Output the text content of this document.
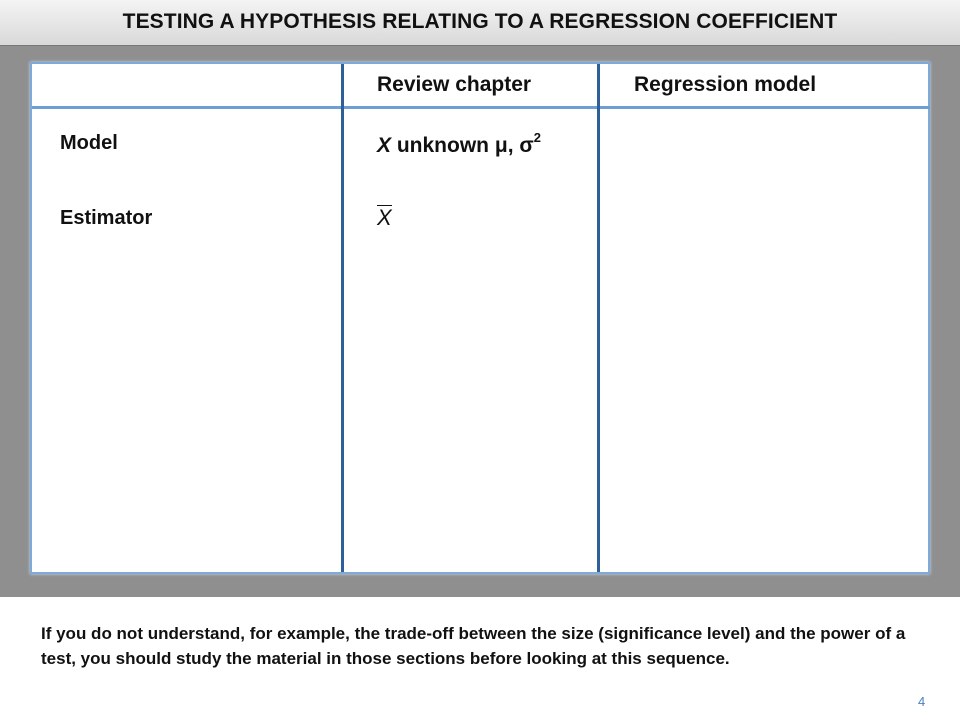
TESTING A HYPOTHESIS RELATING TO A REGRESSION COEFFICIENT
Review chapter	Regression model
Model
Estimator
X unknown μ, $\sigma^2$
X
If you do not understand, for example, the trade-off between the size (significance level) and the power of a test, you should study the material in those sections before looking at this sequence.
4
